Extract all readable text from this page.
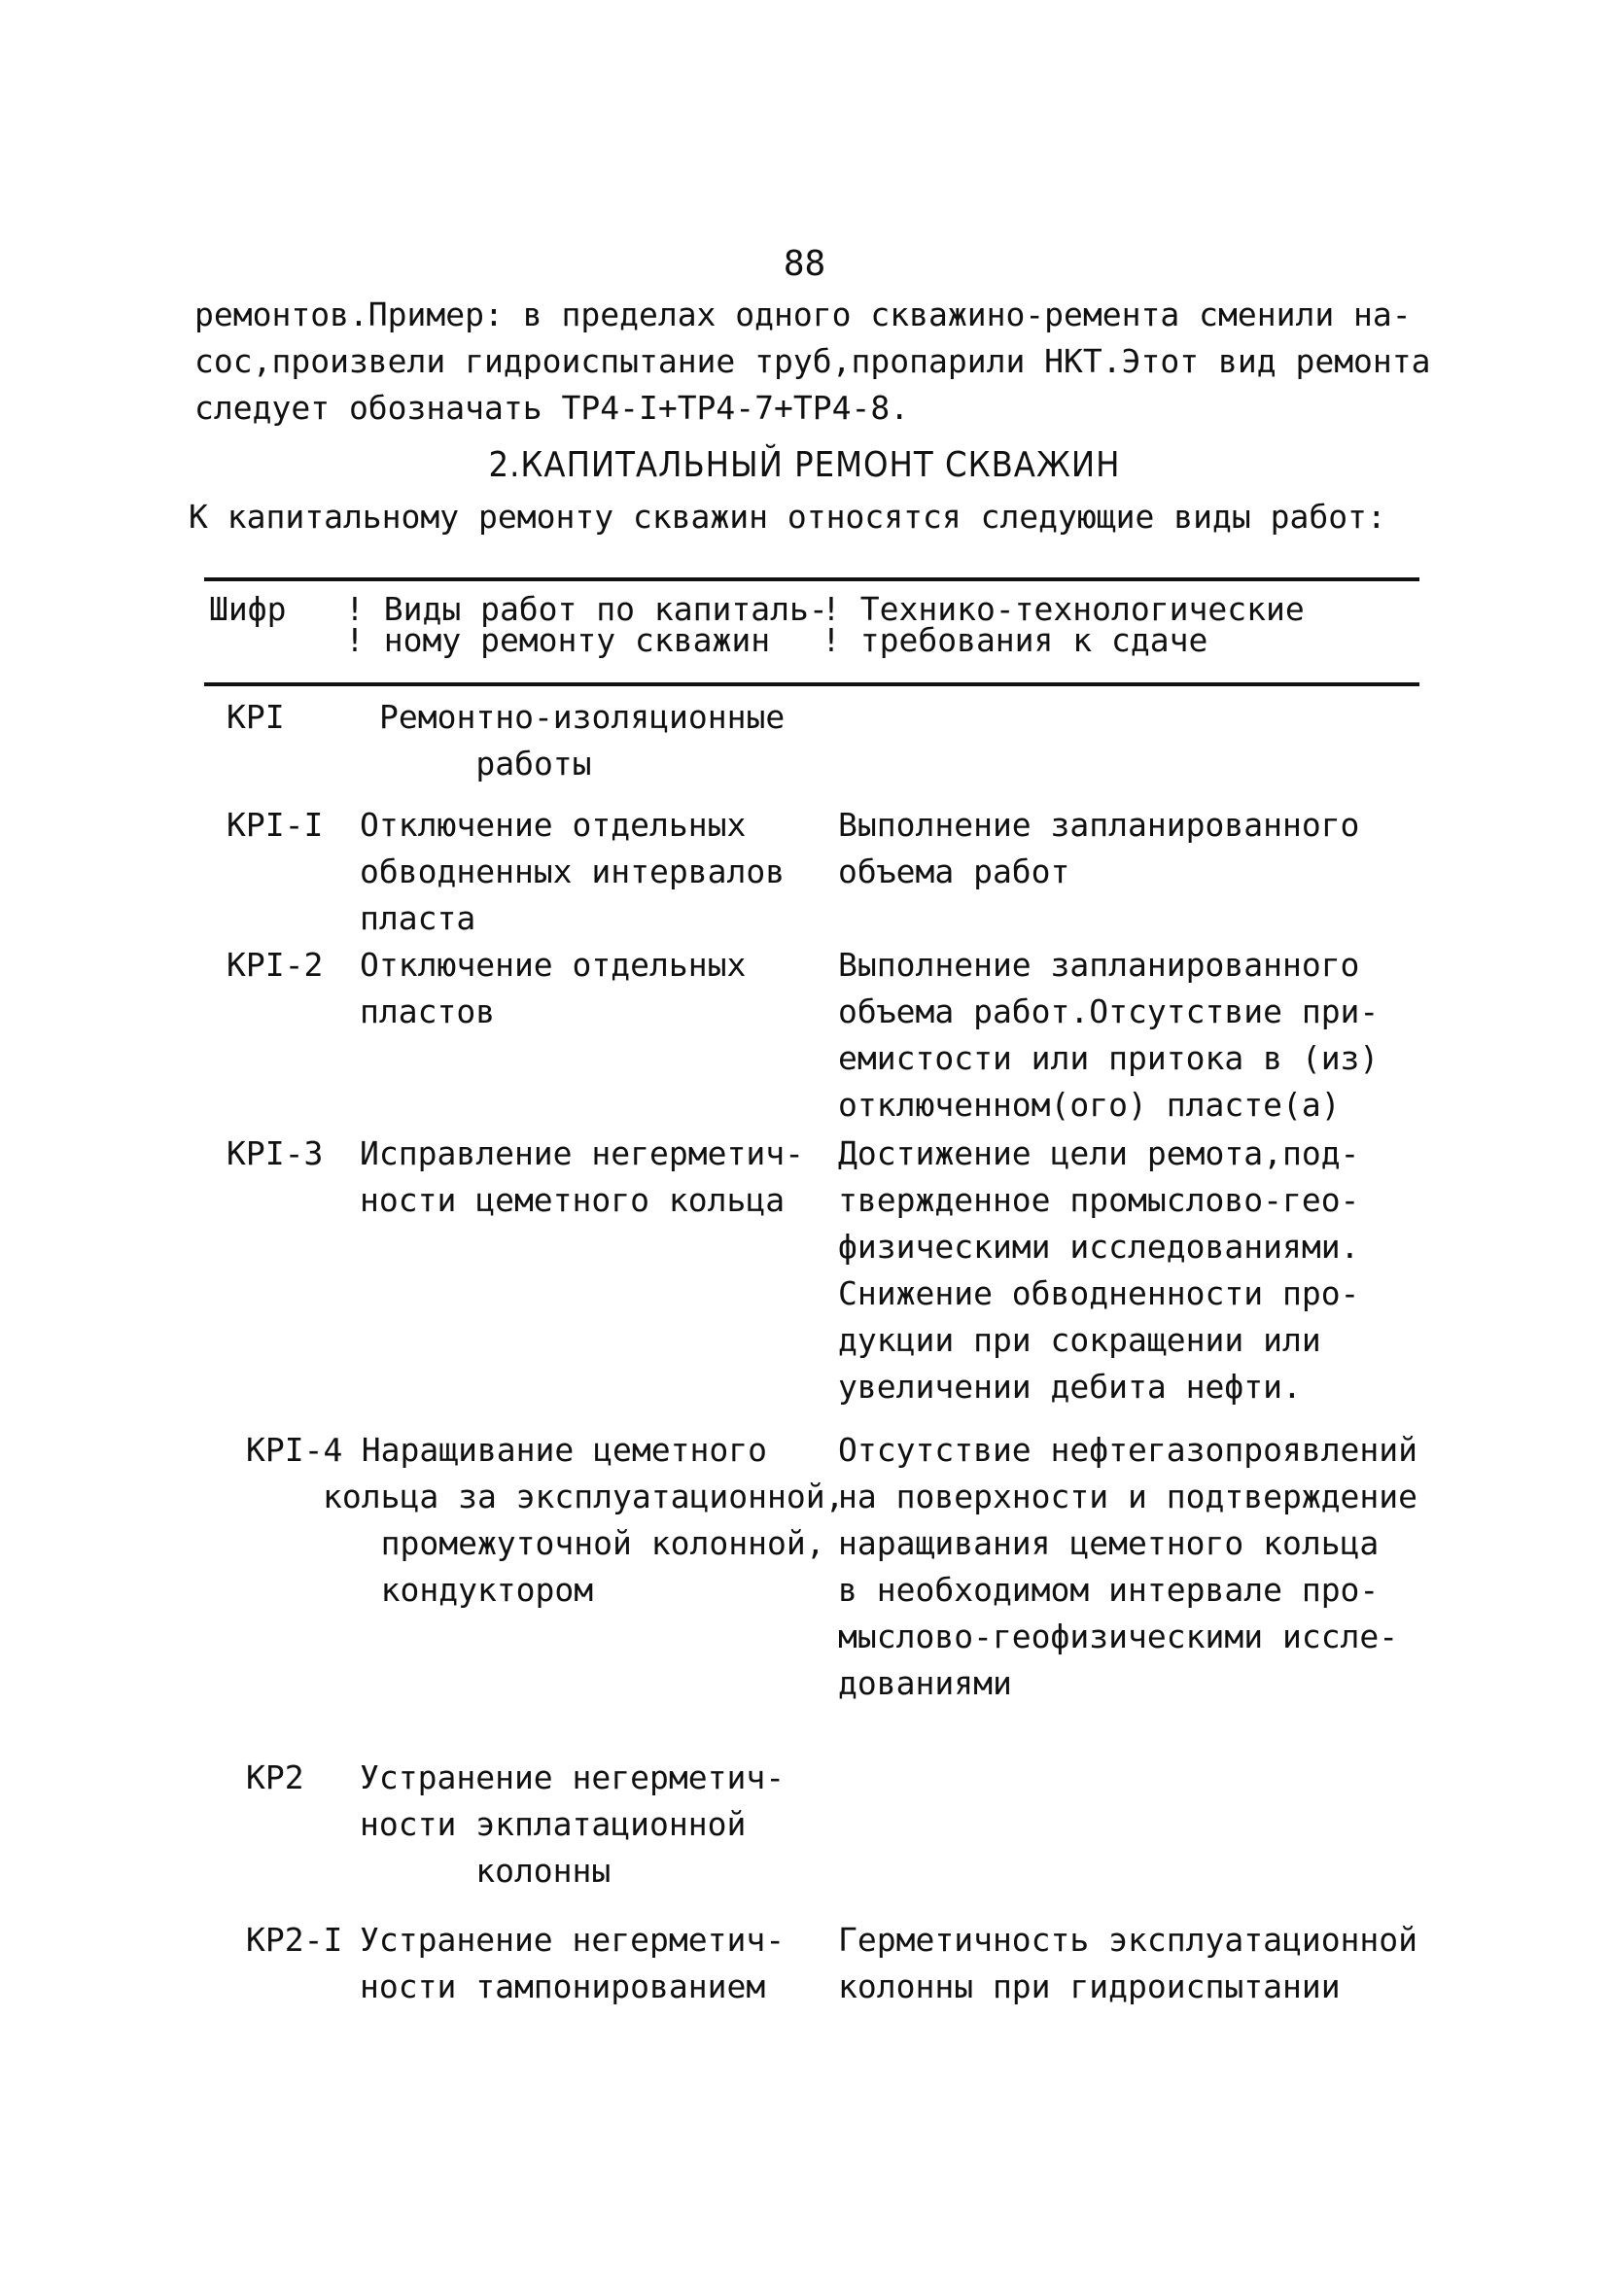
88
ремонтов.Пример: в пределах одного скважино-ремента сменили на-
сос,произвели гидроиспытание труб,пропарили НКТ.Этот вид ремонта
следует обозначать ТР4-I+ТР4-7+ТР4-8.
2.КАПИТАЛЬНЫЙ РЕМОНТ СКВАЖИН
К капитальному ремонту скважин относятся следующие виды работ:
Шифр ! Виды работ по капиталь-
! ному ремонту скважин
! Технико-технологические
! требования к сдаче
КРI	Ремонтно-изоляционные
работы
КРI-I Отключение отдельных
обводненных интервалов
пласта
Выполнение запланированного
объема работ
КРI-2 Отключение отдельных
пластов
Выполнение запланированного
объема работ.Отсутствие при-
емистости или притока в (из)
отключенном(ого) пласте(а)
КРI-3 Исправление негерметич-
ности цеметного кольца
Достижение цели ремота,под-
твержденное промыслово-гео-
физическими исследованиями.
Снижение обводненности про-
дукции при сокращении или
увеличении дебита нефти.
КРI-4 Наращивание цеметного
кольца за эксплуатационной,
промежуточной колонной,
кондуктором
Отсутствие нефтегазопроявлений
на поверхности и подтверждение
наращивания цеметного кольца
в необходимом интервале про-
мыслово-геофизическими иссле-
дованиями
КР2 Устранение негерметич-
ности экплатационной
колонны
КР2-I Устранение негерметич-
ности тампонированием
Герметичность эксплуатационной
колонны при гидроиспытании
